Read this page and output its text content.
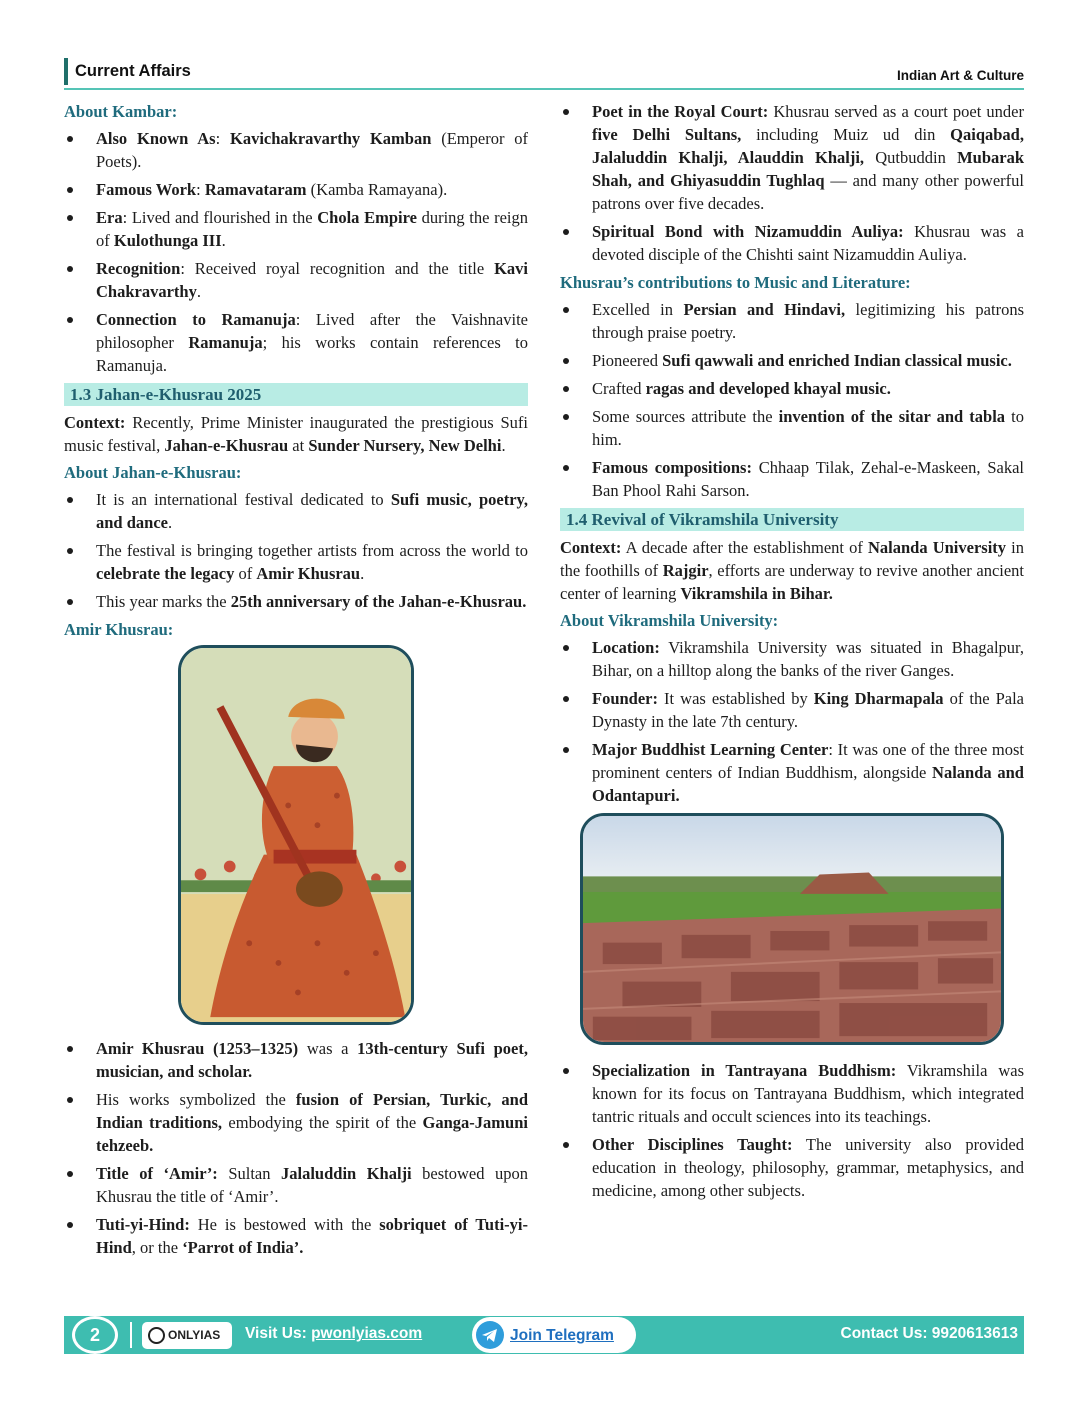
Current Affairs	Indian Art & Culture
About Kambar:
Also Known As: Kavichakravarthy Kamban (Emperor of Poets).
Famous Work: Ramavataram (Kamba Ramayana).
Era: Lived and flourished in the Chola Empire during the reign of Kulothunga III.
Recognition: Received royal recognition and the title Kavi Chakravarthy.
Connection to Ramanuja: Lived after the Vaishnavite philosopher Ramanuja; his works contain references to Ramanuja.
1.3 Jahan-e-Khusrau 2025

Context: Recently, Prime Minister inaugurated the prestigious Sufi music festival, Jahan-e-Khusrau at Sunder Nursery, New Delhi.

About Jahan-e-Khusrau:
It is an international festival dedicated to Sufi music, poetry, and dance.
The festival is bringing together artists from across the world to celebrate the legacy of Amir Khusrau.
This year marks the 25th anniversary of the Jahan-e-Khusrau.
Amir Khusrau:
Amir Khusrau (1253–1325) was a 13th-century Sufi poet, musician, and scholar.
His works symbolized the fusion of Persian, Turkic, and Indian traditions, embodying the spirit of the Ganga-Jamuni tehzeeb.
Title of ‘Amir’: Sultan Jalaluddin Khalji bestowed upon Khusrau the title of ‘Amir’.
Tuti-yi-Hind: He is bestowed with the sobriquet of Tuti-yi-Hind, or the ‘Parrot of India’.
Poet in the Royal Court: Khusrau served as a court poet under five Delhi Sultans, including Muiz ud din Qaiqabad, Jalaluddin Khalji, Alauddin Khalji, Qutbuddin Mubarak Shah, and Ghiyasuddin Tughlaq — and many other powerful patrons over five decades.
Spiritual Bond with Nizamuddin Auliya: Khusrau was a devoted disciple of the Chishti saint Nizamuddin Auliya.
Khusrau’s contributions to Music and Literature:
Excelled in Persian and Hindavi, legitimizing his patrons through praise poetry.
Pioneered Sufi qawwali and enriched Indian classical music.
Crafted ragas and developed khayal music.
Some sources attribute the invention of the sitar and tabla to him.
Famous compositions: Chhaap Tilak, Zehal-e-Maskeen, Sakal Ban Phool Rahi Sarson.
1.4 Revival of Vikramshila University

Context: A decade after the establishment of Nalanda University in the foothills of Rajgir, efforts are underway to revive another ancient center of learning Vikramshila in Bihar.

About Vikramshila University:
Location: Vikramshila University was situated in Bhagalpur, Bihar, on a hilltop along the banks of the river Ganges.
Founder: It was established by King Dharmapala of the Pala Dynasty in the late 7th century.
Major Buddhist Learning Center: It was one of the three most prominent centers of Indian Buddhism, alongside Nalanda and Odantapuri.
Specialization in Tantrayana Buddhism: Vikramshila was known for its focus on Tantrayana Buddhism, which integrated tantric rituals and occult sciences into its teachings.
Other Disciplines Taught: The university also provided education in theology, philosophy, grammar, metaphysics, and medicine, among other subjects.
2	ONLYIAS	Visit Us: pwonlyias.com	Join Telegram	Contact Us: 9920613613
